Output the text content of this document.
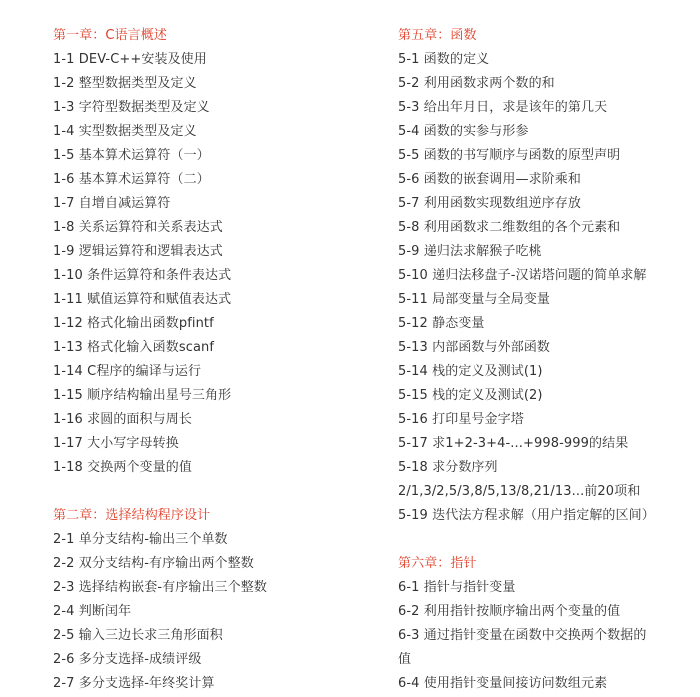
第一章：C语言概述
1-1 DEV-C++安装及使用
1-2 整型数据类型及定义
1-3 字符型数据类型及定义
1-4 实型数据类型及定义
1-5 基本算术运算符（一）
1-6 基本算术运算符（二）
1-7 自增自减运算符
1-8 关系运算符和关系表达式
1-9 逻辑运算符和逻辑表达式
1-10 条件运算符和条件表达式
1-11 赋值运算符和赋值表达式
1-12 格式化输出函数pfintf
1-13 格式化输入函数scanf
1-14 C程序的编译与运行
1-15 顺序结构输出星号三角形
1-16 求圆的面积与周长
1-17 大小写字母转换
1-18 交换两个变量的值
第二章：选择结构程序设计
2-1 单分支结构-输出三个单数
2-2 双分支结构-有序输出两个整数
2-3 选择结构嵌套-有序输出三个整数
2-4 判断闰年
2-5 输入三边长求三角形面积
2-6 多分支选择-成绩评级
2-7 多分支选择-年终奖计算
第五章：函数
5-1 函数的定义
5-2 利用函数求两个数的和
5-3 给出年月日，求是该年的第几天
5-4 函数的实参与形参
5-5 函数的书写顺序与函数的原型声明
5-6 函数的嵌套调用—求阶乘和
5-7 利用函数实现数组逆序存放
5-8 利用函数求二维数组的各个元素和
5-9 递归法求解猴子吃桃
5-10 递归法移盘子-汉诺塔问题的简单求解
5-11 局部变量与全局变量
5-12 静态变量
5-13 内部函数与外部函数
5-14 栈的定义及测试(1)
5-15 栈的定义及测试(2)
5-16 打印星号金字塔
5-17 求1+2-3+4-...+998-999的结果
5-18 求分数序列
2/1,3/2,5/3,8/5,13/8,21/13...前20项和
5-19 迭代法方程求解（用户指定解的区间）
第六章：指针
6-1 指针与指针变量
6-2 利用指针按顺序输出两个变量的值
6-3 通过指针变量在函数中交换两个数据的
值
6-4 使用指针变量间接访问数组元素
